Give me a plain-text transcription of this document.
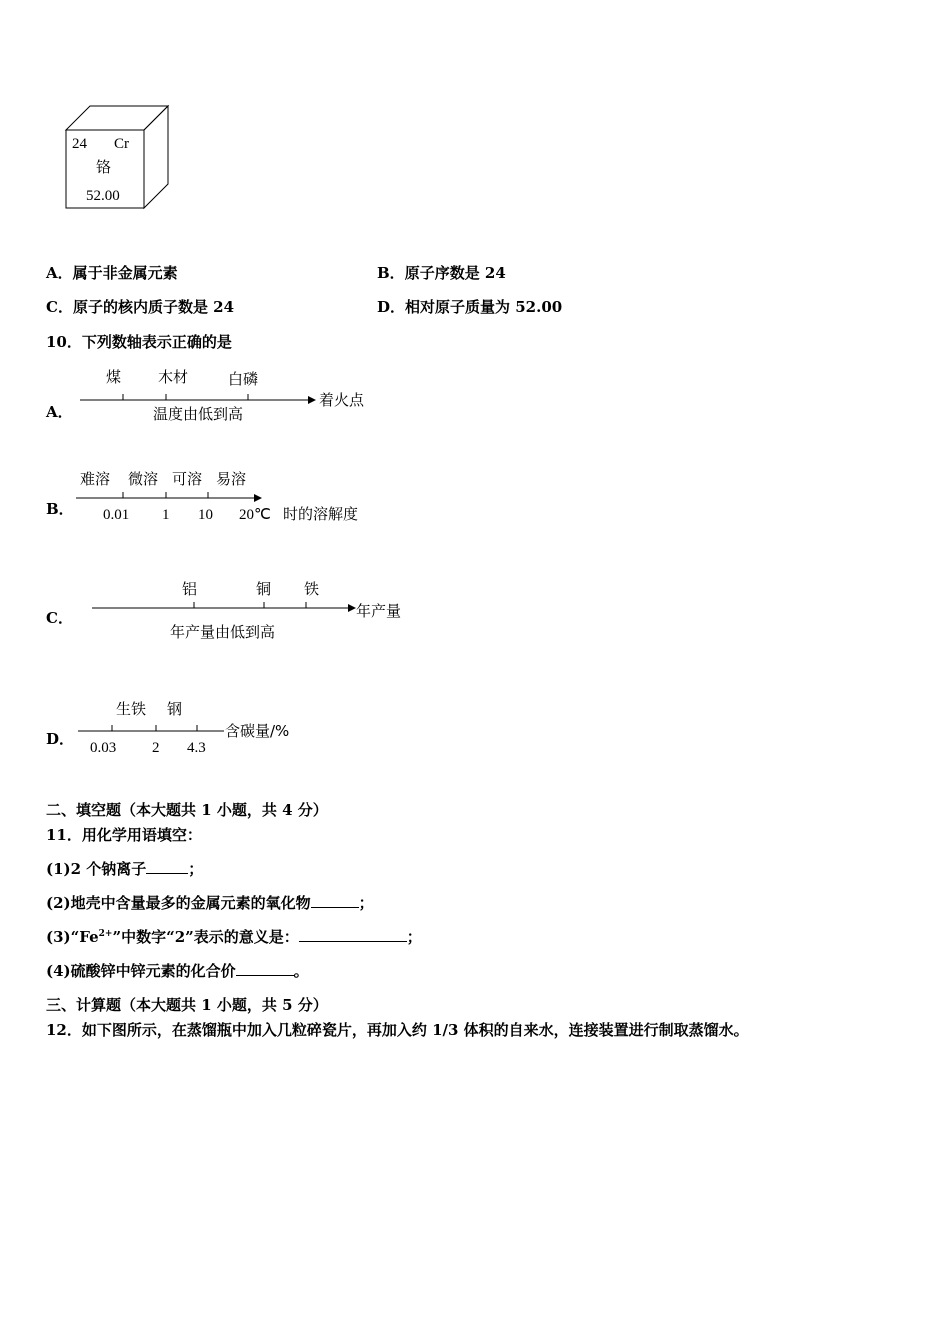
24 Cr
铬
52.00
A．属于非金属元素	B．原子序数是 24
C．原子的核内质子数是 24	D．相对原子质量为 52.00
10．下列数轴表示正确的是
A．
煤 木材	白磷
着火点
温度由低到高
B．
难溶 微溶 可溶 易溶
0.01 1 10 20℃ 时的溶解度
C．
铝	铜 铁
年产量
年产量由低到高
D．
生铁 钢
0.03 2 4.3
含碳量/%
二、填空题（本大题共 1 小题，共 4 分）
11．用化学用语填空：
(1)2 个钠离子	；
(2)地壳中含量最多的金属元素的氧化物	；
$(3)“Fe^{2+}$”中数字“2”表示的意义是：	；
(4)硫酸锌中锌元素的化合价	。
三、计算题（本大题共 1 小题，共 5 分）
12．如下图所示，在蒸馏瓶中加入几粒碎瓷片，再加入约 1/3 体积的自来水，连接装置进行制取蒸馏水。
